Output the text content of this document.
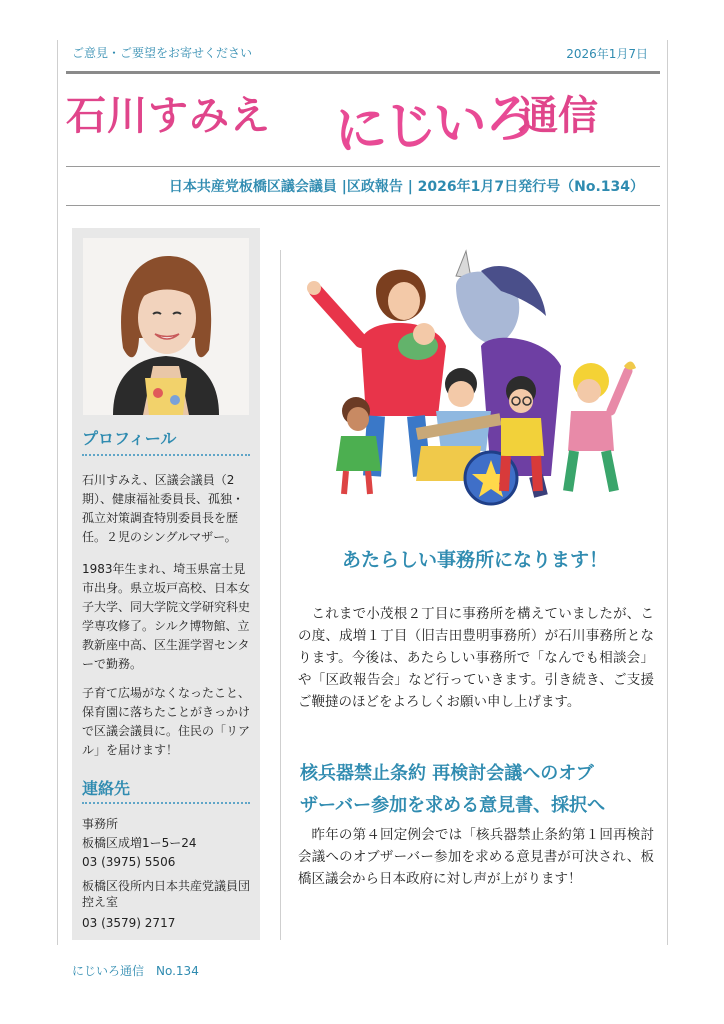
ご意見・ご要望をお寄せください	2026年1月7日
石川すみえ にじいろ
通信
日本共産党板橋区議会議員 |区政報告 | 2026年1月7日発行号（No.134）
プロフィール
石川すみえ、区議会議員（2期）、健康福祉委員長、孤独・孤立対策調査特別委員長を歴任。２児のシングルマザー。
1983年生まれ、埼玉県富士見市出身。県立坂戸高校、日本女子大学、同大学院文学研究科史学専攻修了。シルク博物館、立教新座中高、区生涯学習センターで勤務。
子育て広場がなくなったこと、保育園に落ちたことがきっかけで区議会議員に。住民の「リアル」を届けます！
連絡先
事務所
板橋区成増1ー5ー24
03 (3975) 5506
板橋区役所内日本共産党議員団控え室
03 (3579) 2717
あたらしい事務所になります！
これまで小茂根２丁目に事務所を構えていましたが、この度、成増１丁目（旧吉田豊明事務所）が石川事務所となります。今後は、あたらしい事務所で「なんでも相談会」や「区政報告会」など行っていきます。引き続き、ご支援ご鞭撻のほどをよろしくお願い申し上げます。
核兵器禁止条約 再検討会議へのオブ
ザーバー参加を求める意見書、採択へ
昨年の第４回定例会では「核兵器禁止条約第１回再検討会議へのオブザーバー参加を求める意見書が可決され、板橋区議会から日本政府に対し声が上がります！
にじいろ通信　No.134
